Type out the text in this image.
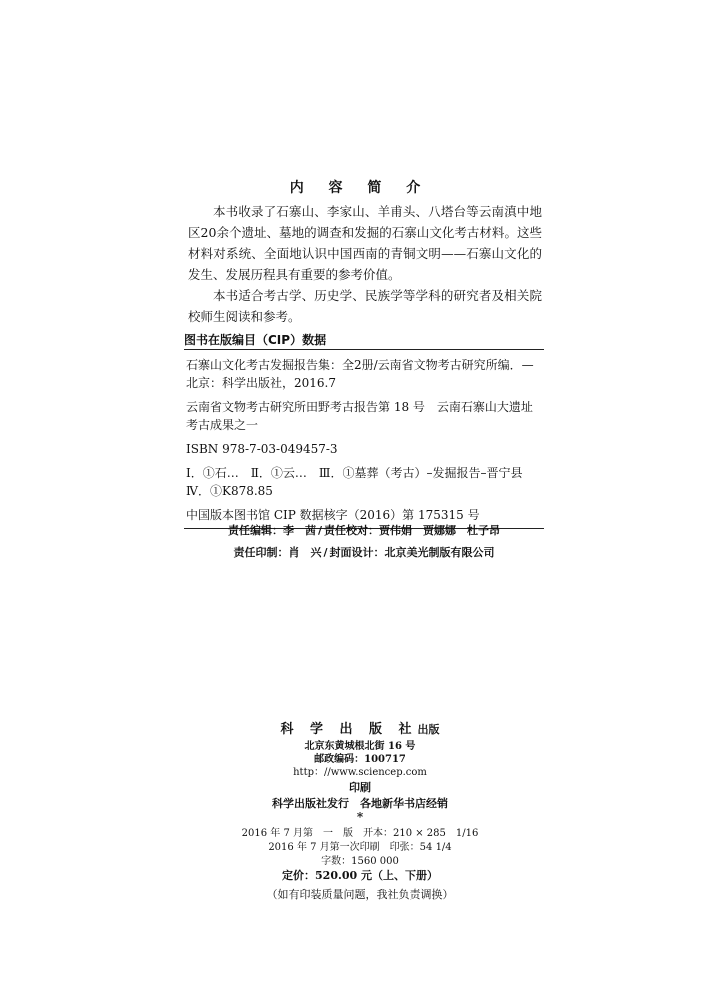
内 容 简 介

本书收录了石寨山、李家山、羊甫头、八塔台等云南滇中地区20余个遗址、墓地的调查和发掘的石寨山文化考古材料。这些材料对系统、全面地认识中国西南的青铜文明——石寨山文化的发生、发展历程具有重要的参考价值。

本书适合考古学、历史学、民族学等学科的研究者及相关院校师生阅读和参考。

图书在版编目（CIP）数据
石寨山文化考古发掘报告集：全2册/云南省文物考古研究所编．—北京：科学出版社，2016.7
云南省文物考古研究所田野考古报告第 18 号　云南石寨山大遗址考古成果之一
ISBN 978-7-03-049457-3
Ⅰ．①石…　Ⅱ．①云…　Ⅲ．①墓葬（考古）–发掘报告–晋宁县Ⅳ．①K878.85
中国版本图书馆 CIP 数据核字（2016）第 175315 号
责任编辑：李　茜 / 责任校对：贾伟娟　贾娜娜　杜子昂
责任印制：肖　兴 / 封面设计：北京美光制版有限公司
科 学 出 版 社出版
北京东黄城根北街 16 号
邮政编码：100717
http：//www.sciencep.com
印刷
科学出版社发行　各地新华书店经销
*
2016 年 7 月第　一　版　开本：210 × 285　1/16
2016 年 7 月第一次印刷　印张：54 1/4
字数：1560 000
定价：520.00 元（上、下册）
（如有印装质量问题，我社负责调换）
